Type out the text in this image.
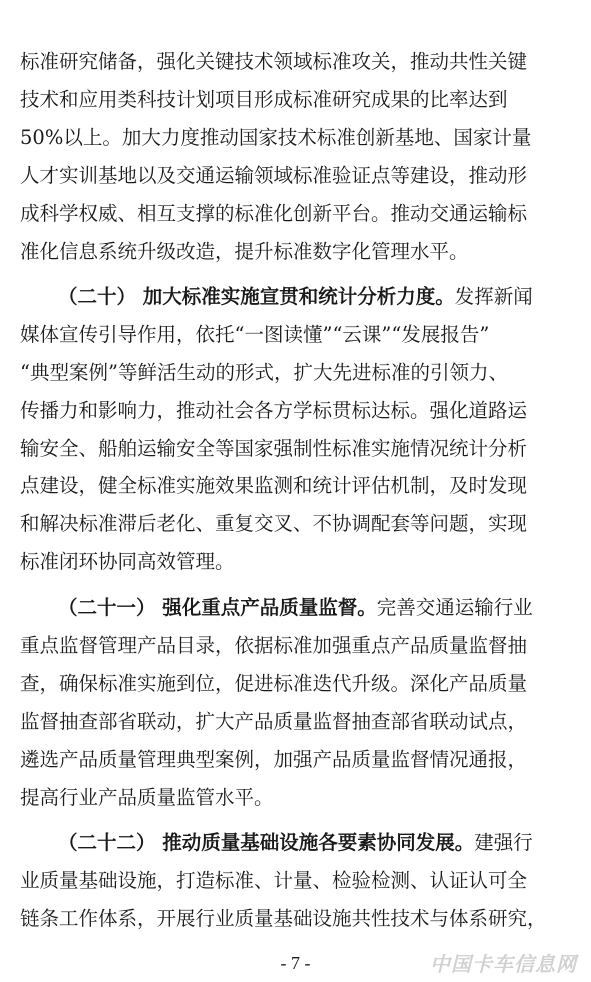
标准研究储备，强化关键技术领域标准攻关，推动共性关键
技术和应用类科技计划项目形成标准研究成果的比率达到
50%以上。加大力度推动国家技术标准创新基地、国家计量
人才实训基地以及交通运输领域标准验证点等建设，推动形
成科学权威、相互支撑的标准化创新平台。推动交通运输标
准化信息系统升级改造，提升标准数字化管理水平。
（二十） 加大标准实施宣贯和统计分析力度。发挥新闻
媒体宣传引导作用，依托“一图读懂”“云课”“发展报告”
“典型案例”等鲜活生动的形式，扩大先进标准的引领力、
传播力和影响力，推动社会各方学标贯标达标。强化道路运
输安全、船舶运输安全等国家强制性标准实施情况统计分析
点建设，健全标准实施效果监测和统计评估机制，及时发现
和解决标准滞后老化、重复交叉、不协调配套等问题，实现
标准闭环协同高效管理。
（二十一） 强化重点产品质量监督。完善交通运输行业
重点监督管理产品目录，依据标准加强重点产品质量监督抽
查，确保标准实施到位，促进标准迭代升级。深化产品质量
监督抽查部省联动，扩大产品质量监督抽查部省联动试点，
遴选产品质量管理典型案例，加强产品质量监督情况通报，
提高行业产品质量监管水平。
（二十二） 推动质量基础设施各要素协同发展。建强行
业质量基础设施，打造标准、计量、检验检测、认证认可全
链条工作体系，开展行业质量基础设施共性技术与体系研究，
- 7 -	中国卡车信息网
